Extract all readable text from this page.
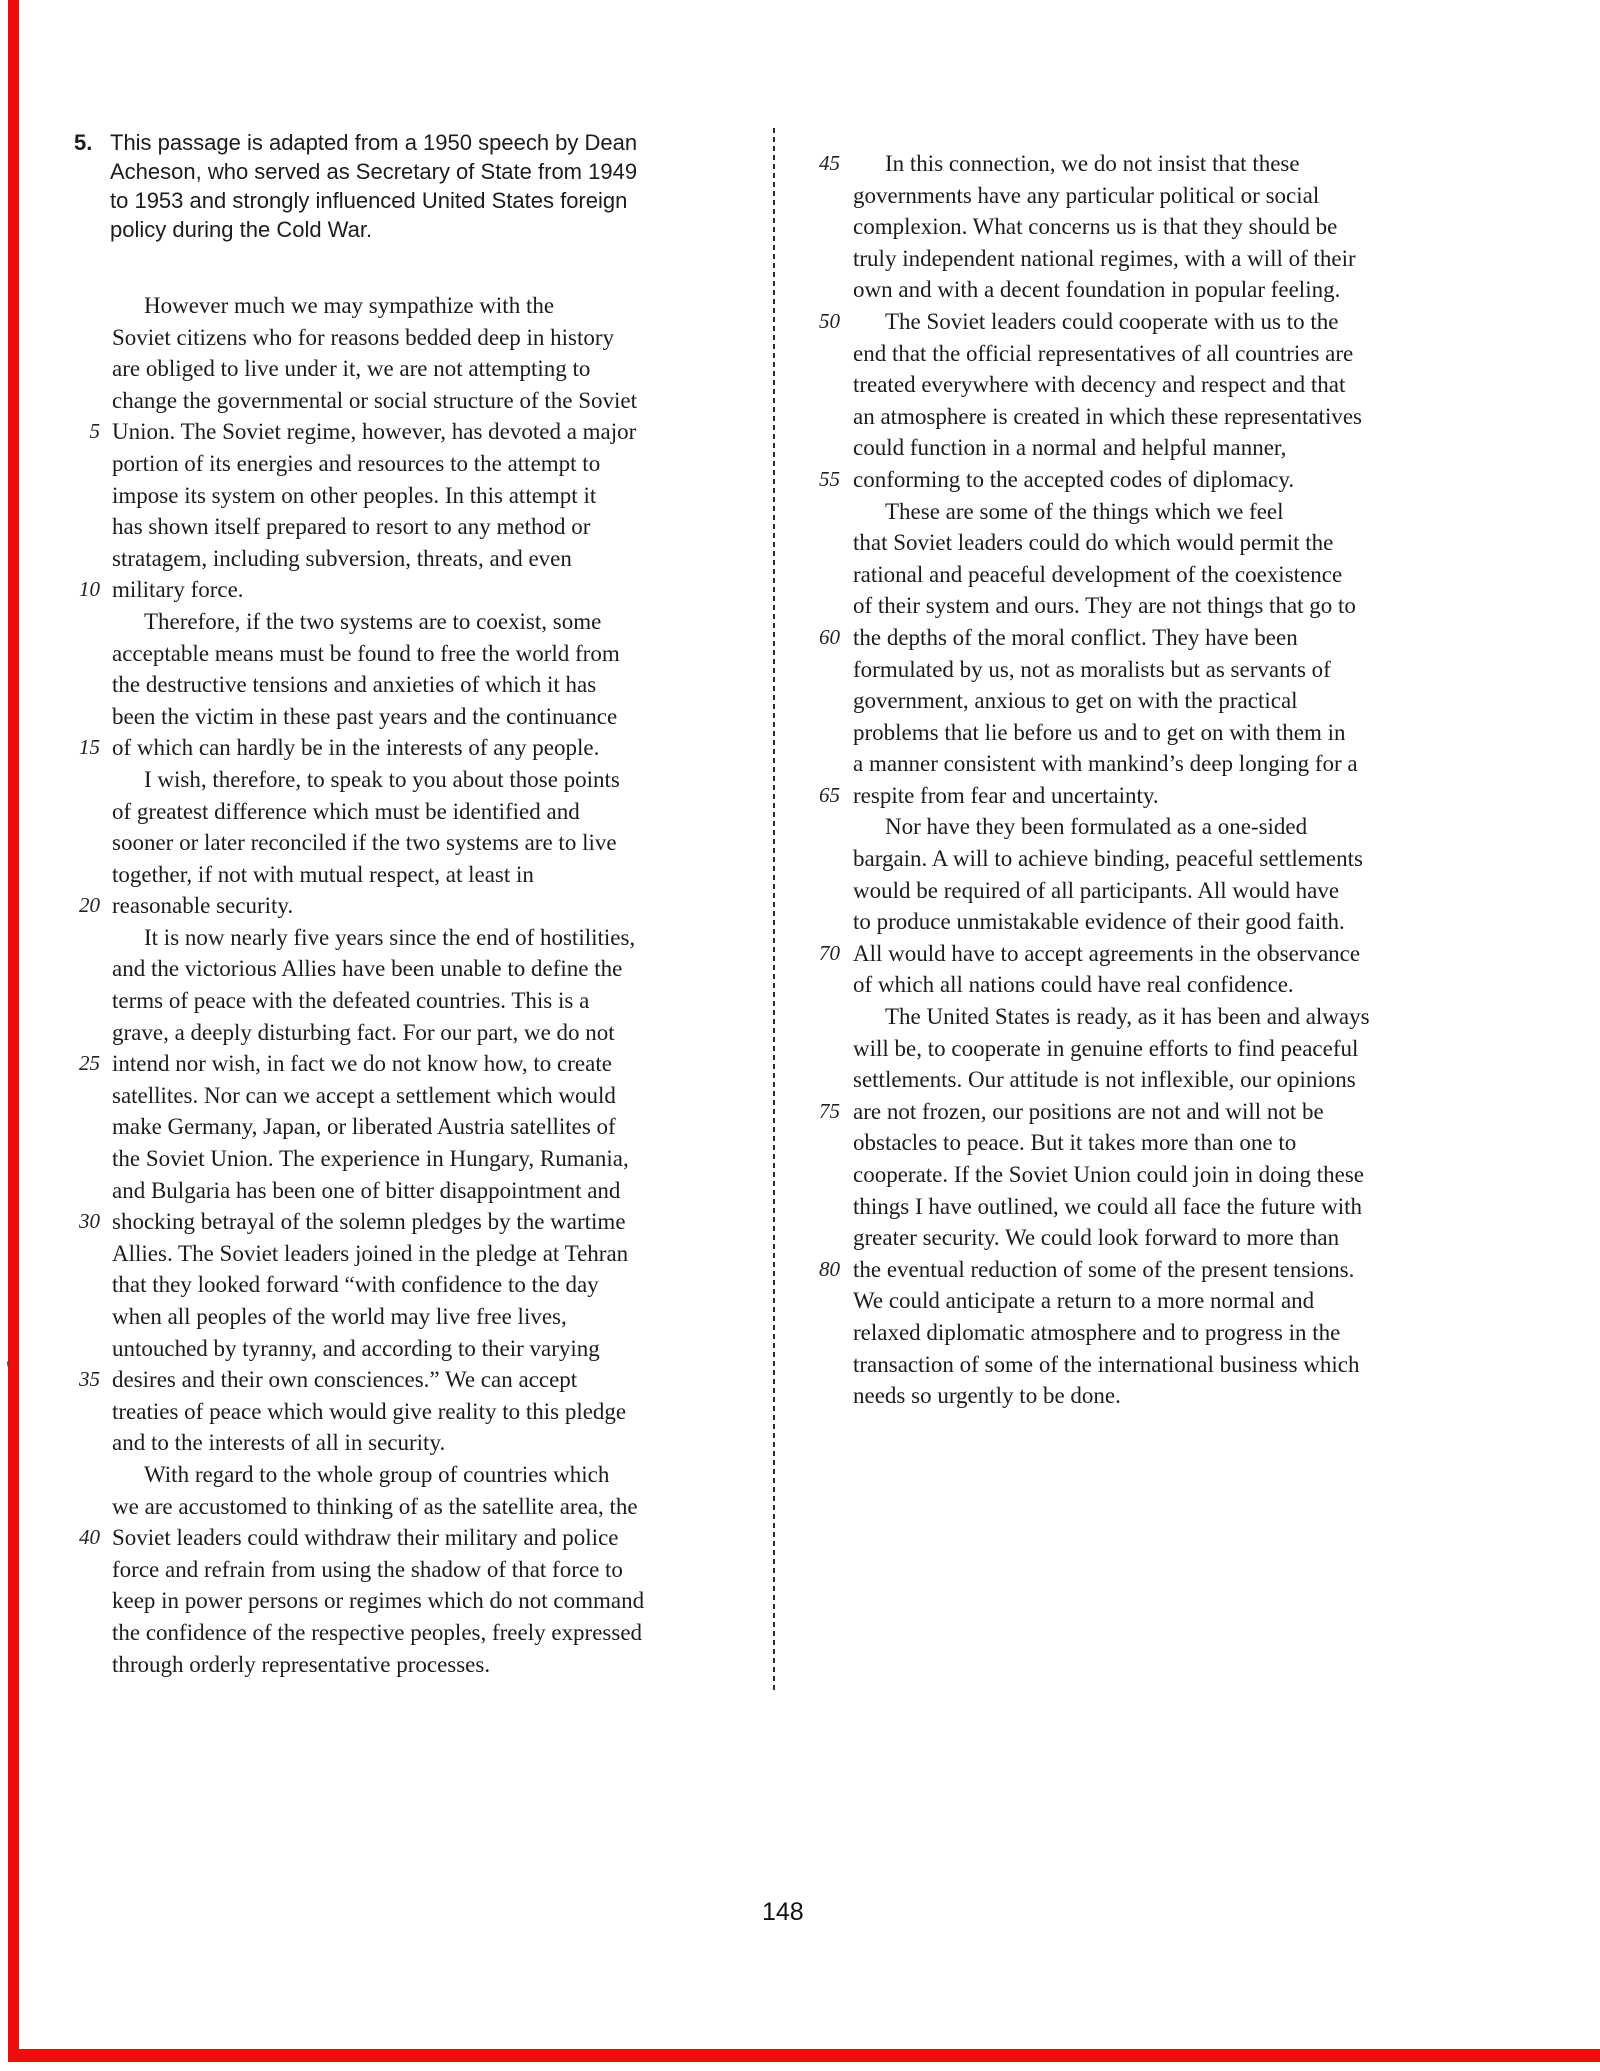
5. This passage is adapted from a 1950 speech by Dean
Acheson, who served as Secretary of State from 1949
to 1953 and strongly influenced United States foreign
policy during the Cold War.
However much we may sympathize with the
Soviet citizens who for reasons bedded deep in history
are obliged to live under it, we are not attempting to
change the governmental or social structure of the Soviet
5 Union. The Soviet regime, however, has devoted a major
portion of its energies and resources to the attempt to
impose its system on other peoples. In this attempt it
has shown itself prepared to resort to any method or
stratagem, including subversion, threats, and even
10 military force.
Therefore, if the two systems are to coexist, some
acceptable means must be found to free the world from
the destructive tensions and anxieties of which it has
been the victim in these past years and the continuance
15 of which can hardly be in the interests of any people.
I wish, therefore, to speak to you about those points
of greatest difference which must be identified and
sooner or later reconciled if the two systems are to live
together, if not with mutual respect, at least in
20 reasonable security.
It is now nearly five years since the end of hostilities,
and the victorious Allies have been unable to define the
terms of peace with the defeated countries. This is a
grave, a deeply disturbing fact. For our part, we do not
25 intend nor wish, in fact we do not know how, to create
satellites. Nor can we accept a settlement which would
make Germany, Japan, or liberated Austria satellites of
the Soviet Union. The experience in Hungary, Rumania,
and Bulgaria has been one of bitter disappointment and
30 shocking betrayal of the solemn pledges by the wartime
Allies. The Soviet leaders joined in the pledge at Tehran
that they looked forward “with confidence to the day
when all peoples of the world may live free lives,
untouched by tyranny, and according to their varying
35 desires and their own consciences.” We can accept
treaties of peace which would give reality to this pledge
and to the interests of all in security.
With regard to the whole group of countries which
we are accustomed to thinking of as the satellite area, the
40 Soviet leaders could withdraw their military and police
force and refrain from using the shadow of that force to
keep in power persons or regimes which do not command
the confidence of the respective peoples, freely expressed
through orderly representative processes.
45	In this connection, we do not insist that these
governments have any particular political or social
complexion. What concerns us is that they should be
truly independent national regimes, with a will of their
own and with a decent foundation in popular feeling.
50	The Soviet leaders could cooperate with us to the
end that the official representatives of all countries are
treated everywhere with decency and respect and that
an atmosphere is created in which these representatives
could function in a normal and helpful manner,
55 conforming to the accepted codes of diplomacy.
These are some of the things which we feel
that Soviet leaders could do which would permit the
rational and peaceful development of the coexistence
of their system and ours. They are not things that go to
60 the depths of the moral conflict. They have been
formulated by us, not as moralists but as servants of
government, anxious to get on with the practical
problems that lie before us and to get on with them in
a manner consistent with mankind’s deep longing for a
65 respite from fear and uncertainty.
Nor have they been formulated as a one-sided
bargain. A will to achieve binding, peaceful settlements
would be required of all participants. All would have
to produce unmistakable evidence of their good faith.
70 All would have to accept agreements in the observance
of which all nations could have real confidence.
The United States is ready, as it has been and always
will be, to cooperate in genuine efforts to find peaceful
settlements. Our attitude is not inflexible, our opinions
75 are not frozen, our positions are not and will not be
obstacles to peace. But it takes more than one to
cooperate. If the Soviet Union could join in doing these
things I have outlined, we could all face the future with
greater security. We could look forward to more than
80 the eventual reduction of some of the present tensions.
We could anticipate a return to a more normal and
relaxed diplomatic atmosphere and to progress in the
transaction of some of the international business which
needs so urgently to be done.
'
148
